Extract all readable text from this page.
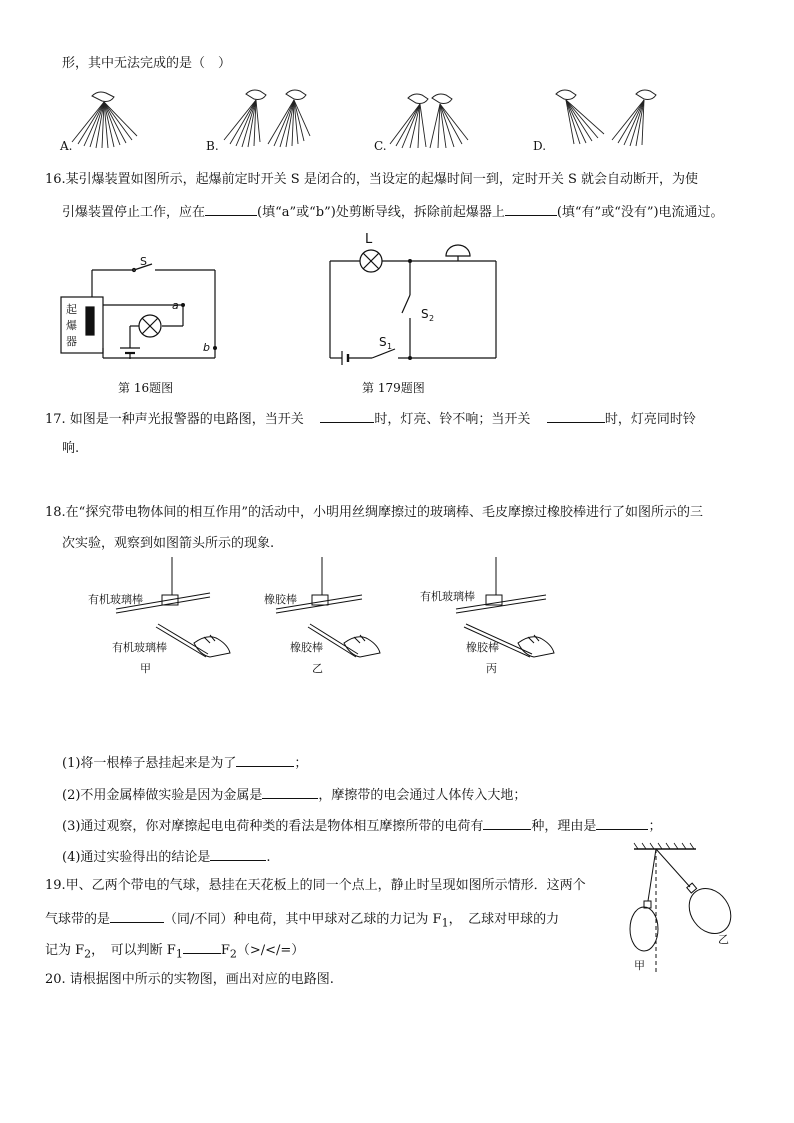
形，其中无法完成的是（　）
A.	B.	C.	D.
16.某引爆装置如图所示，起爆前定时开关 S 是闭合的，当设定的起爆时间一到，定时开关 S 就会自动断开，为使
引爆装置停止工作，应在	(填“a”或“b”)处剪断导线，拆除前起爆器上	(填“有”或“没有”)电流通过。
S
a
b
起
爆
器
第 16题图
L
S 2
S 1
第 179题图
17. 如图是一种声光报警器的电路图，当开关	时，灯亮、铃不响；当开关	时，灯亮同时铃
响.
18.在“探究带电物体间的相互作用”的活动中，小明用丝绸摩擦过的玻璃棒、毛皮摩擦过橡胶棒进行了如图所示的三
次实验，观察到如图箭头所示的现象.
有机玻璃棒
有机玻璃棒
甲
橡胶棒
橡胶棒
乙
有机玻璃棒
橡胶棒
丙
(1)将一根棒子悬挂起来是为了	；
(2)不用金属棒做实验是因为金属是	，摩擦带的电会通过人体传入大地；
(3)通过观察，你对摩擦起电电荷种类的看法是物体相互摩擦所带的电荷有	种，理由是	；
(4)通过实验得出的结论是	.
19.甲、乙两个带电的气球，悬挂在天花板上的同一个点上，静止时呈现如图所示情形．这两个
气球带的是	（同/不同）种电荷，其中甲球对乙球的力记为 $F_1$，　乙球对甲球的力
记为 $F_2$，　可以判断 $F_1$	$F_2(>/</=)$
甲
乙
20. 请根据图中所示的实物图，画出对应的电路图.
